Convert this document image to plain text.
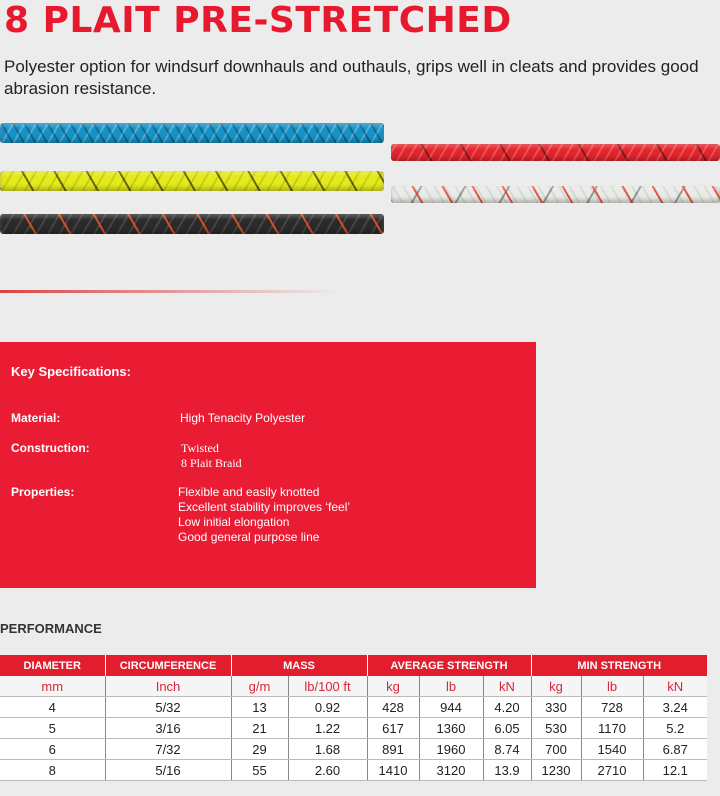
8 PLAIT PRE-STRETCHED

Polyester option for windsurf downhauls and outhauls, grips well in cleats and provides good abrasion resistance.

Key Specifications:
Material:	High Tenacity Polyester
Construction:	Twisted
8 Plait Braid
Properties:	Flexible and easily knotted
Excellent stability improves ‘feel’
Low initial elongation
Good general purpose line
PERFORMANCE
DIAMETER	CIRCUMFERENCE	MASS		AVERAGE STRENGTH			MIN STRENGTH		
mm	Inch	g/m	lb/100 ft	kg	lb	kN	kg	lb	kN
4	5/32	13	0.92	428	944	4.20	330	728	3.24
5	3/16	21	1.22	617	1360	6.05	530	1170	5.2
6	7/32	29	1.68	891	1960	8.74	700	1540	6.87
8	5/16	55	2.60	1410	3120	13.9	1230	2710	12.1
